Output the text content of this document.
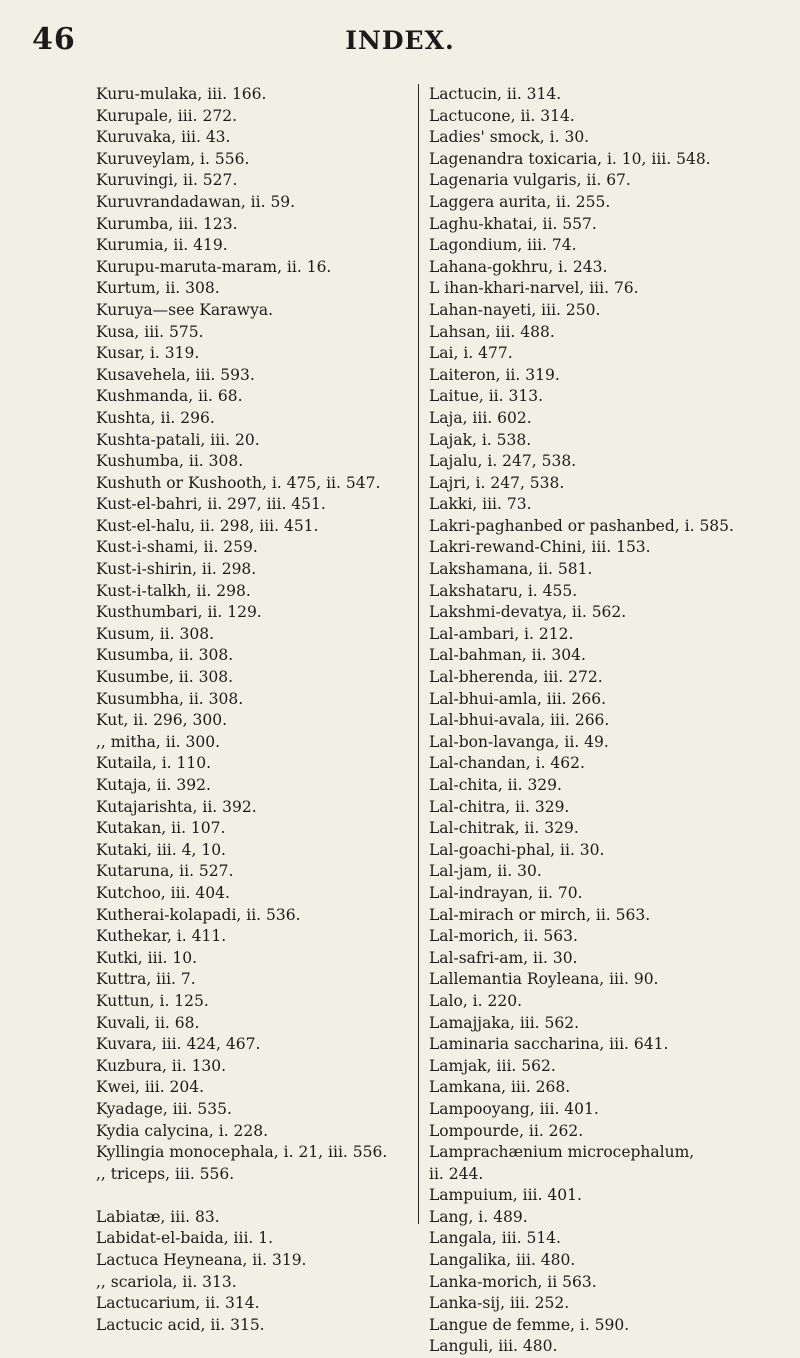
46	INDEX.
Kuru-mulaka, iii. 166.
Kurupale, iii. 272.
Kuruvaka, iii. 43.
Kuruveylam, i. 556.
Kuruvingi, ii. 527.
Kuruvrandadawan, ii. 59.
Kurumba, iii. 123.
Kurumia, ii. 419.
Kurupu-maruta-maram, ii. 16.
Kurtum, ii. 308.
Kuruya—see Karawya.
Kusa, iii. 575.
Kusar, i. 319.
Kusavehela, iii. 593.
Kushmanda, ii. 68.
Kushta, ii. 296.
Kushta-patali, iii. 20.
Kushumba, ii. 308.
Kushuth or Kushooth, i. 475, ii. 547.
Kust-el-bahri, ii. 297, iii. 451.
Kust-el-halu, ii. 298, iii. 451.
Kust-i-shami, ii. 259.
Kust-i-shirin, ii. 298.
Kust-i-talkh, ii. 298.
Kusthumbari, ii. 129.
Kusum, ii. 308.
Kusumba, ii. 308.
Kusumbe, ii. 308.
Kusumbha, ii. 308.
Kut, ii. 296, 300.
,, mitha, ii. 300.
Kutaila, i. 110.
Kutaja, ii. 392.
Kutajarishta, ii. 392.
Kutakan, ii. 107.
Kutaki, iii. 4, 10.
Kutaruna, ii. 527.
Kutchoo, iii. 404.
Kutherai-kolapadi, ii. 536.
Kuthekar, i. 411.
Kutki, iii. 10.
Kuttra, iii. 7.
Kuttun, i. 125.
Kuvali, ii. 68.
Kuvara, iii. 424, 467.
Kuzbura, ii. 130.
Kwei, iii. 204.
Kyadage, iii. 535.
Kydia calycina, i. 228.
Kyllingia monocephala, i. 21, iii. 556.
,, triceps, iii. 556.
Labiatæ, iii. 83.
Labidat-el-baida, iii. 1.
Lactuca Heyneana, ii. 319.
,, scariola, ii. 313.
Lactucarium, ii. 314.
Lactucic acid, ii. 315.
Lactucin, ii. 314.
Lactucone, ii. 314.
Ladies' smock, i. 30.
Lagenandra toxicaria, i. 10, iii. 548.
Lagenaria vulgaris, ii. 67.
Laggera aurita, ii. 255.
Laghu-khatai, ii. 557.
Lagondium, iii. 74.
Lahana-gokhru, i. 243.
L ihan-khari-narvel, iii. 76.
Lahan-nayeti, iii. 250.
Lahsan, iii. 488.
Lai, i. 477.
Laiteron, ii. 319.
Laitue, ii. 313.
Laja, iii. 602.
Lajak, i. 538.
Lajalu, i. 247, 538.
Lajri, i. 247, 538.
Lakki, iii. 73.
Lakri-paghanbed or pashanbed, i. 585.
Lakri-rewand-Chini, iii. 153.
Lakshamana, ii. 581.
Lakshataru, i. 455.
Lakshmi-devatya, ii. 562.
Lal-ambari, i. 212.
Lal-bahman, ii. 304.
Lal-bherenda, iii. 272.
Lal-bhui-amla, iii. 266.
Lal-bhui-avala, iii. 266.
Lal-bon-lavanga, ii. 49.
Lal-chandan, i. 462.
Lal-chita, ii. 329.
Lal-chitra, ii. 329.
Lal-chitrak, ii. 329.
Lal-goachi-phal, ii. 30.
Lal-jam, ii. 30.
Lal-indrayan, ii. 70.
Lal-mirach or mirch, ii. 563.
Lal-morich, ii. 563.
Lal-safri-am, ii. 30.
Lallemantia Royleana, iii. 90.
Lalo, i. 220.
Lamajjaka, iii. 562.
Laminaria saccharina, iii. 641.
Lamjak, iii. 562.
Lamkana, iii. 268.
Lampooyang, iii. 401.
Lompourde, ii. 262.
Lamprachænium microcephalum,
ii. 244.
Lampuium, iii. 401.
Lang, i. 489.
Langala, iii. 514.
Langalika, iii. 480.
Lanka-morich, ii 563.
Lanka-sij, iii. 252.
Langue de femme, i. 590.
Languli, iii. 480.
